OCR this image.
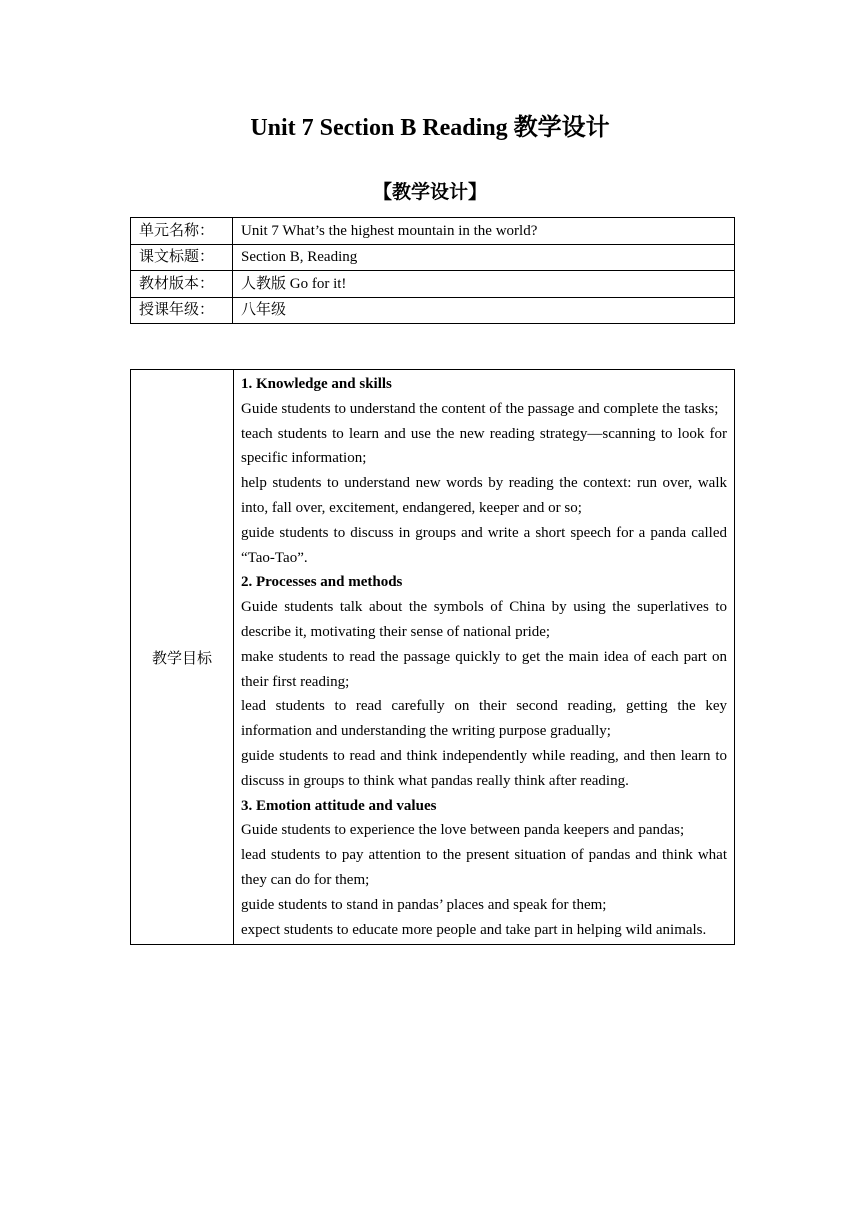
Unit 7 Section B Reading 教学设计
【教学设计】
单元名称：	Unit 7 What’s the highest mountain in the world?
课文标题：	Section B, Reading
教材版本：	人教版 Go for it!
授课年级：	八年级
教学目标	

1. Knowledge and skills

Guide students to understand the content of the passage and complete the tasks;

teach students to learn and use the new reading strategy—scanning to look for specific information;

help students to understand new words by reading the context: run over, walk into, fall over, excitement, endangered, keeper and or so;

guide students to discuss in groups and write a short speech for a panda called “Tao-Tao”.

2. Processes and methods

Guide students talk about the symbols of China by using the superlatives to describe it, motivating their sense of national pride;

make students to read the passage quickly to get the main idea of each part on their first reading;

lead students to read carefully on their second reading, getting the key information and understanding the writing purpose gradually;

guide students to read and think independently while reading, and then learn to discuss in groups to think what pandas really think after reading.

3. Emotion attitude and values

Guide students to experience the love between panda keepers and pandas;

lead students to pay attention to the present situation of pandas and think what they can do for them;

guide students to stand in pandas’ places and speak for them;

expect students to educate more people and take part in helping wild animals.
